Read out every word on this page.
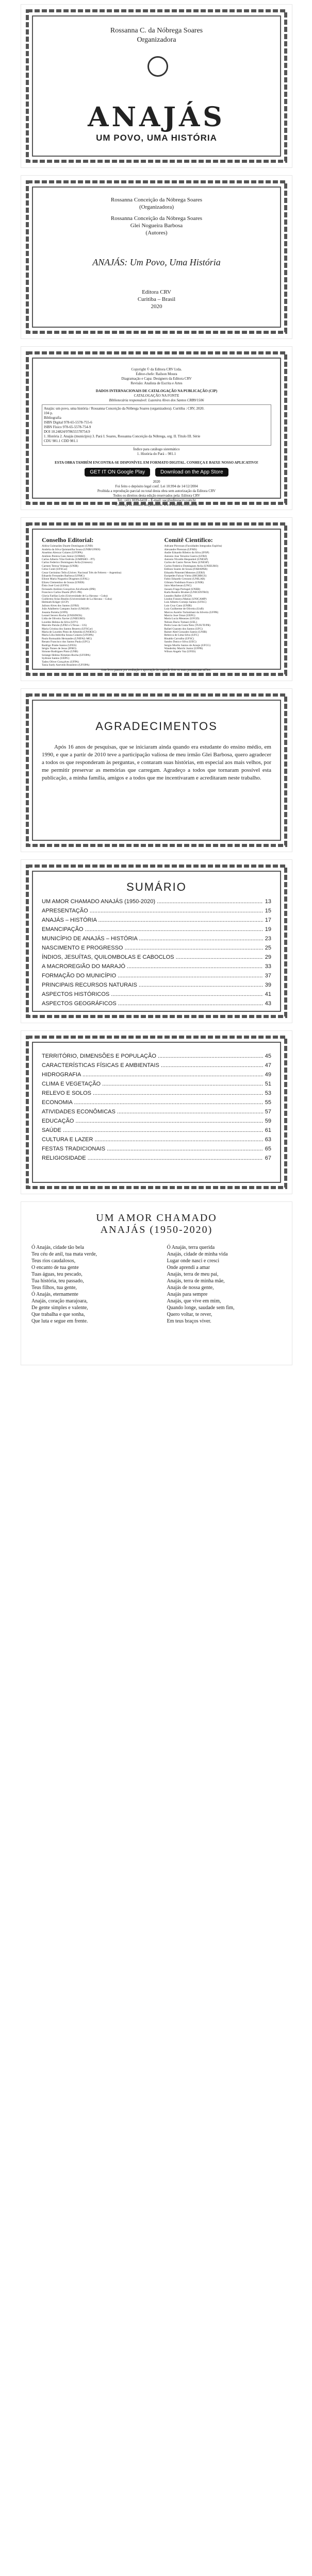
Rossanna C. da Nóbrega Soares
Organizadora
ANAJÁS
UM POVO, UMA HISTÓRIA
Rossanna Conceição da Nóbrega Soares
(Organizadora)
Rossanna Conceição da Nóbrega Soares
Glei Nogueira Barbosa
(Autores)
ANAJÁS: Um Povo, Uma História
Editora CRV
Curitiba – Brasil
2020
Copyright © da Editora CRV Ltda.
Editor-chefe: Railson Moura
Diagramação e Capa: Designers da Editora CRV
Revisão: Analista de Escrita e Artes
DADOS INTERNACIONAIS DE CATALOGAÇÃO NA PUBLICAÇÃO (CIP)
CATALOGAÇÃO NA FONTE
Bibliotecária responsável: Luzenira Alves dos Santos CRB9/1506
Anajás: um povo, uma história / Rossanna Conceição da Nóbrega Soares (organizadora). Curitiba : CRV, 2020.
104 p.
Bibliografia
ISBN Digital 978-65-5578-755-6
ISBN Físico 978-65-5578-754-9
DOI 10.24824/978655578754.9
1. História 2. Anajás (município) 3. Pará I. Soares, Rossanna Conceição da Nóbrega, org. II. Título III. Série
CDU 981.1 CDD 981.1
Índice para catálogo sistemático
1. História do Pará – 981.1
ESTA OBRA TAMBÉM ENCONTRA-SE DISPONÍVEL EM FORMATO DIGITAL. CONHEÇA E BAIXE NOSSO APLICATIVO!
GET IT ON Google Play	Download on the App Store
2020
Foi feito o depósito legal conf. Lei 10.994 de 14/12/2004
Proibida a reprodução parcial ou total desta obra sem autorização da Editora CRV
Todos os direitos desta edição reservados pela: Editora CRV
Tel.: (41) 3039-6418 – E-mail: sac@editoracrv.com.br
Conheça os nossos lançamentos: www.editoracrv.com.br
Conselho Editorial:
Aldira Guimarães Duarte Domínguez (UNB)
Andréia da Silva Quintanilha Sousa (UNIR/UFRN)
Anselmo Alencar Colares (UFOPA)
Antônio Pereira Gaio Júnior (UFRRJ)
Carlos Alberto Vilar Estêvão (UMINHO – PT)
Carlos Federico Dominguez Avila (Unieuro)
Carmen Tereza Velanga (UNIR)
Celso Conti (UFSCar)
Cesar Gerónimo Tello (Univer. Nacional Três de Febrero – Argentina)
Eduardo Fernandes Barbosa (UFMG)
Elione Maria Nogueira Diogenes (UFAL)
Elizeu Clementino de Souza (UNEB)
Élsio José Corá (UFFS)
Fernando Antônio Gonçalves Alcoforado (IPB)
Francisco Carlos Duarte (PUC-PR)
Gloria Fariñas León (Universidade de La Havana – Cuba)
Guillermo Arias Beatón (Universidade de La Havana – Cuba)
Helmuth Krüger (UCP)
Jailson Alves dos Santos (UFRJ)
João Adalberto Campato Junior (UNESP)
Josania Portela (UFPI)
Leonel Severo Rocha (UNISINOS)
Lídia de Oliveira Xavier (UNIEURO)
Lourdes Helena da Silva (UFV)
Marcelo Paixão (UFRJ e UTexas – US)
Maria Cristina dos Santos Bezerra (UFSCar)
Maria de Lourdes Pinto de Almeida (UNOESC)
Maria Lília Imbiriba Sousa Colares (UFOPA)
Paulo Romualdo Hernandes (UNIFAL-MG)
Renato Francisco dos Santos Paula (UFG)
Rodrigo Pratte-Santos (UFES)
Sérgio Nunes de Jesus (IFRO)
Simone Rodrigues Pinto (UNB)
Solange Helena Ximenes-Rocha (UFOPA)
Sydione Santos (UEPG)
Tadeu Oliver Gonçalves (UFPA)
Tania Suely Azevedo Brasileiro (UFOPA)
Comitê Científico:
Adriane Piovezan (Faculdades Integradas Espírita)
Alexandre Pierezan (UFMS)
Andre Eduardo Ribeiro da Silva (IFSP)
Antonio Jose Teixeira Guerra (UFRJ)
Antonio Nivaldo Hespanhol (UNESP)
Carlos de Castro Neves Neto (UNESP)
Carlos Federico Dominguez Avila (UNIEURO)
Edilson Soares de Souza (FABAPAR)
Eduardo Pimentel Menezes (UERJ)
Euripedes Falcao Vieira (IHGRRGS)
Fabio Eduardo Cressoni (UNILAB)
Gilmara Yoshihara Franco (UNIR)
Jairo Marchesan (UNC)
Jussara Fraga Portugal (UNEB)
Karla Rosário Brumes (UNICENTRO)
Leandro Baller (UFGD)
Lindon Fonseca Matias (UNICAMP)
Luis Alberto Cornejo Santos (UFSC)
Luis Cruz Cano (UNIR)
Luiz Guilherme de Oliveira (UnB)
Marcos Aurelio Tarlombani da Silveira (UFPR)
Marcio Jose Ornat (UEPG)
Maria Lucia Menezes (UFGD)
Nelson Dacio Tomazi (UEL)
Pedro Leao da Costa Neto (TUIUTI/PR)
Rafael Guarato dos Santos (UFG)
Rainer Abel Gonzales Santos (UNIR)
Rebecca de Lima Silva (UFC)
Rinaldo Carvalho (UFSC)
Sandro Dutra e Silva (UEG)
Sergio Murilo Santos de Araujo (UFCG)
Wanderley Marchi Junior (UFPR)
Wilson Angelo Vaz (UFES)
Este livro passou por avaliação e aprovação às cegas de dois ou mais pareceristas ad hoc.
AGRADECIMENTOS

Após 16 anos de pesquisas, que se iniciaram ainda quando era estudante do ensino médio, em 1990, e que a partir de 2010 teve a participação valiosa de meu irmão Glei Barbosa, quero agradecer a todos os que responderam às perguntas, e contaram suas histórias, em especial aos mais velhos, por me permitir preservar as memórias que carregam. Agradeço a todos que tornaram possível esta publicação, a minha família, amigos e a todos que me incentivaram e acreditaram neste trabalho.

SUMÁRIO
UM AMOR CHAMADO ANAJÁS (1950-2020) .....	13
APRESENTAÇÃO .....	15
ANAJÁS – HISTÓRIA .....	17
EMANCIPAÇÃO .....	19
MUNICÍPIO DE ANAJÁS – HISTÓRIA .....	23
NASCIMENTO E PROGRESSO .....	25
ÍNDIOS, JESUÍTAS, QUILOMBOLAS E CABOCLOS .....	29
A MACROREGIÃO DO MARAJÓ .....	33
FORMAÇÃO DO MUNICÍPIO .....	37
PRINCIPAIS RECURSOS NATURAIS .....	39
ASPECTOS HISTÓRICOS .....	41
ASPECTOS GEOGRÁFICOS .....	43
TERRITÓRIO, DIMENSÕES E POPULAÇÃO .....	45
CARACTERÍSTICAS FÍSICAS E AMBIENTAIS .....	47
HIDROGRAFIA .....	49
CLIMA E VEGETAÇÃO .....	51
RELEVO E SOLOS .....	53
ECONOMIA .....	55
ATIVIDADES ECONÔMICAS .....	57
EDUCAÇÃO .....	59
SAÚDE .....	61
CULTURA E LAZER .....	63
FESTAS TRADICIONAIS .....	65
RELIGIOSIDADE .....	67
UM AMOR CHAMADO
ANAJÁS (1950-2020)
Ó Anajás, cidade tão bela
Teu céu de anil, tua mata verde,
Teus rios caudalosos,
O encanto de tua gente
Tuas águas, teu pescado,
Tua história, teu passado,
Teus filhos, tua gente,
Ó Anajás, eternamente
Anajás, coração marajoara,
De gente simples e valente,
Que trabalha e que sonha,
Que luta e segue em frente.
Ó Anajás, terra querida
Anajás, cidade de minha vida
Lugar onde nasci e cresci
Onde aprendi a amar
Anajás, terra de meu pai,
Anajás, terra de minha mãe,
Anajás de nossa gente,
Anajás para sempre
Anajás, que vive em mim,
Quando longe, saudade sem fim,
Quero voltar, te rever,
Em teus braços viver.
